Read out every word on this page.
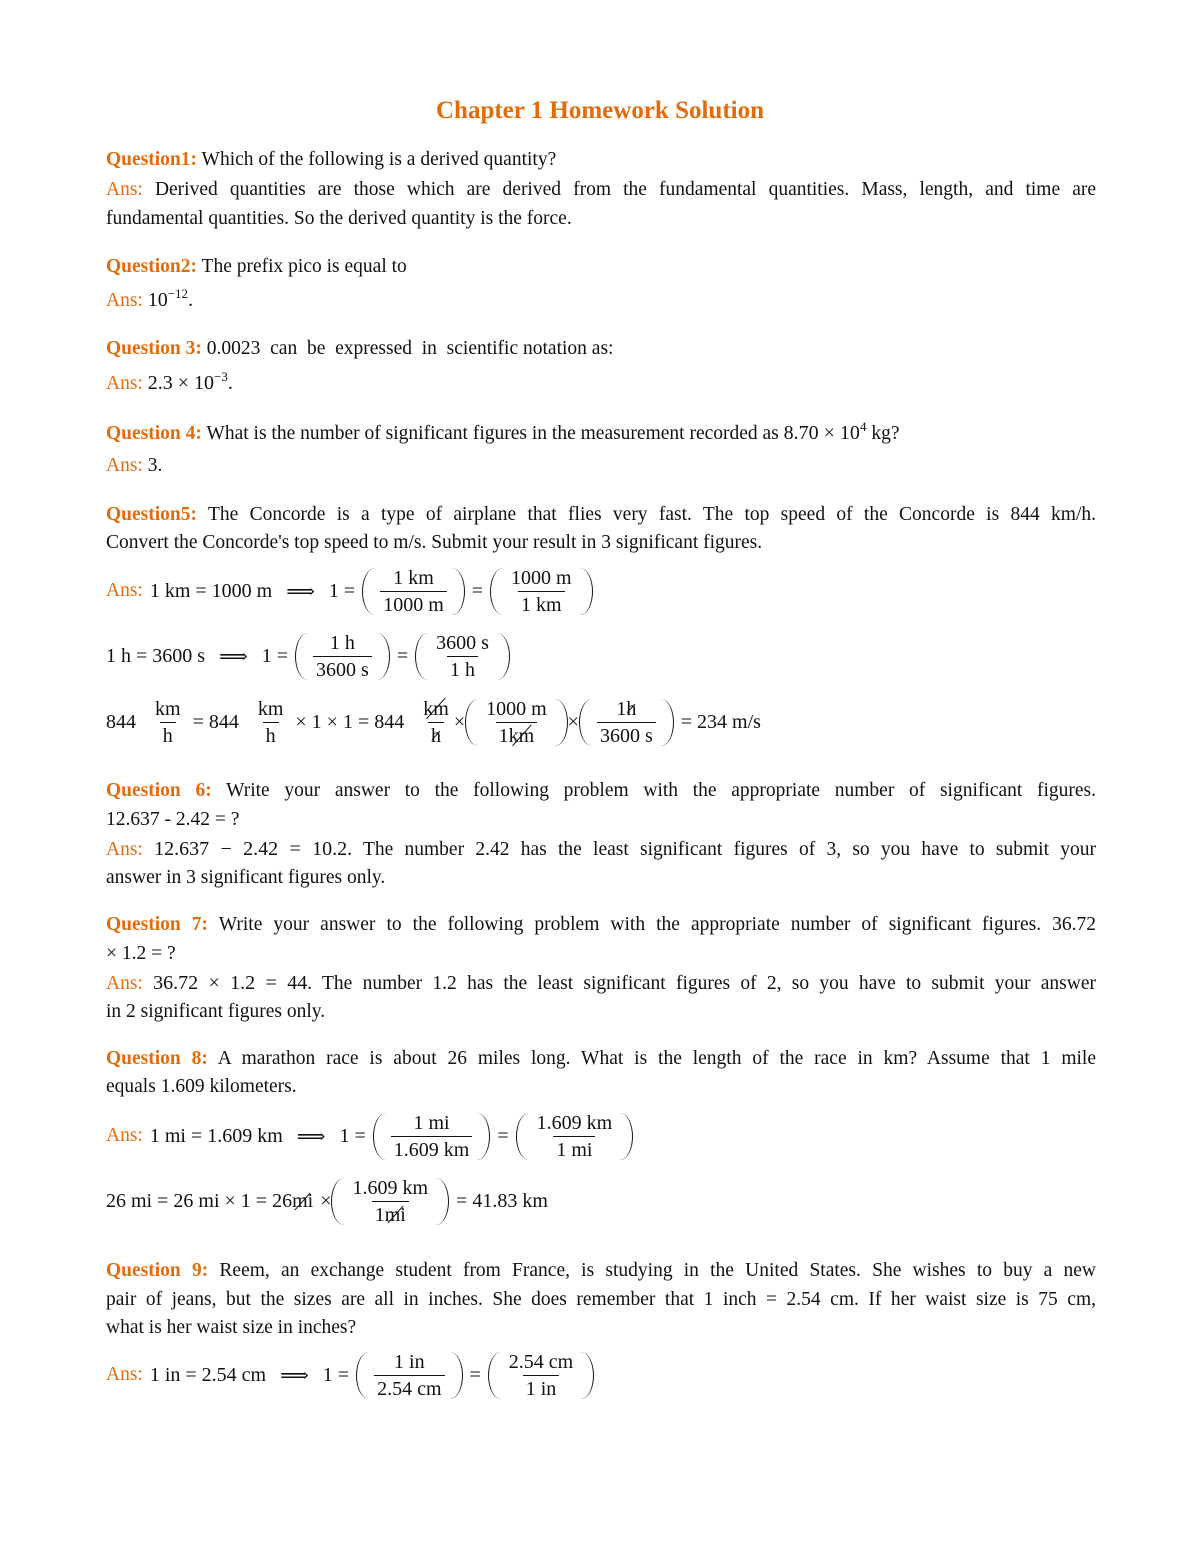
Chapter 1 Homework Solution
Question1: Which of the following is a derived quantity?
Ans: Derived quantities are those which are derived from the fundamental quantities. Mass, length, and time are
fundamental quantities. So the derived quantity is the force.
Question2: The prefix pico is equal to
Ans: $10^{-12}$.
Question 3: 0.0023  can  be  expressed  in  scientific notation as:
Ans: $2.3 \times 10^{-3}$.
Question 4: What is the number of significant figures in the measurement recorded as $8.70 \times 10^4$ kg?
Ans: 3.
Question5: The Concorde is a type of airplane that flies very fast. The top speed of the Concorde is 844 km/h.
Convert the Concorde's top speed to m/s. Submit your result in 3 significant figures.
Ans: 1 km = 1000 m ⟹ $1 = \frac{1 km}{1000 m} = \frac{1000 m}{1 km}$
1 h = 3600 s ⟹ $1 = \frac{1 h}{3600 s} = \frac{3600 s}{1 h}$
$844 \frac{km}{h} = 844 \frac{km}{h} \times 1 \times 1 = 844 \frac{km}{h} \times \frac{1000 m}{1km} \times \frac{1h}{3600 s} = 234$ m/s
Question 6: Write your answer to the following problem with the appropriate number of significant figures.
12.637 - 2.42 = ?
Ans: 12.637 − 2.42 = 10.2. The number 2.42 has the least significant figures of 3, so you have to submit your
answer in 3 significant figures only.
Question 7: Write your answer to the following problem with the appropriate number of significant figures. 36.72
× 1.2 = ?
Ans: 36.72 × 1.2 = 44. The number 1.2 has the least significant figures of 2, so you have to submit your answer
in 2 significant figures only.
Question 8: A marathon race is about 26 miles long. What is the length of the race in km? Assume that 1 mile
equals 1.609 kilometers.
Ans: 1 mi = 1.609 km ⟹ $1 = \frac{1 mi}{1.609 km} = \frac{1.609 km}{1 mi}$
26 mi = 26 mi × 1 = 26 mi × $\frac{1.609 km}{1mi} = 41.83$ km
Question 9: Reem, an exchange student from France, is studying in the United States. She wishes to buy a new
pair of jeans, but the sizes are all in inches. She does remember that 1 inch = 2.54 cm. If her waist size is 75 cm,
what is her waist size in inches?
Ans: 1 in = 2.54 cm ⟹ $1 = \frac{1 in}{2.54 cm} = \frac{2.54 cm}{1 in}$
